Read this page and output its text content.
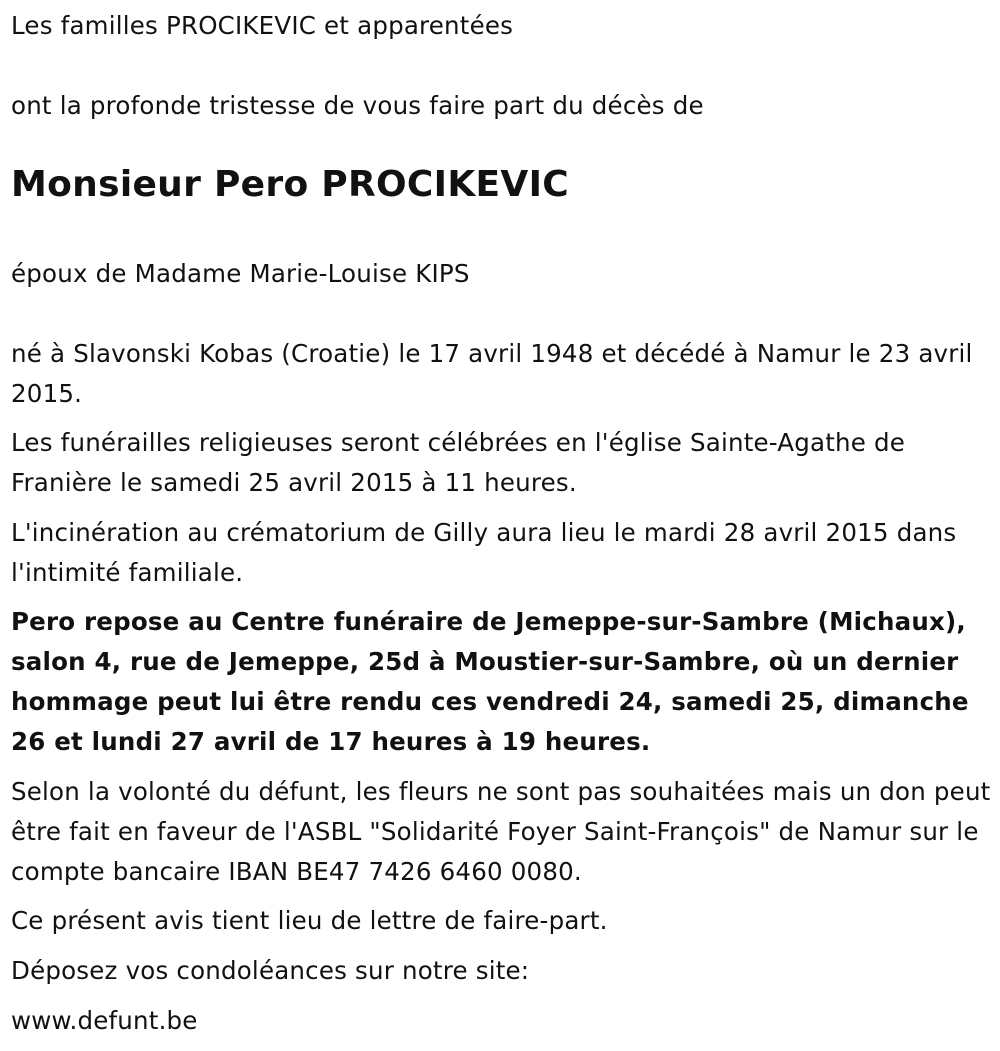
Les familles PROCIKEVIC et apparentées

ont la profonde tristesse de vous faire part du décès de

Monsieur Pero PROCIKEVIC

époux de Madame Marie-Louise KIPS

né à Slavonski Kobas (Croatie) le 17 avril 1948 et décédé à Namur le 23 avril 2015.

Les funérailles religieuses seront célébrées en l'église Sainte-Agathe de Franière le samedi 25 avril 2015 à 11 heures.

L'incinération au crématorium de Gilly aura lieu le mardi 28 avril 2015 dans l'intimité familiale.

Pero repose au Centre funéraire de Jemeppe-sur-Sambre (Michaux), salon 4, rue de Jemeppe, 25d à Moustier-sur-Sambre, où un dernier hommage peut lui être rendu ces vendredi 24, samedi 25, dimanche 26 et lundi 27 avril de 17 heures à 19 heures.

Selon la volonté du défunt, les fleurs ne sont pas souhaitées mais un don peut être fait en faveur de l'ASBL "Solidarité Foyer Saint-François" de Namur sur le compte bancaire IBAN BE47 7426 6460 0080.

Ce présent avis tient lieu de lettre de faire-part.

Déposez vos condoléances sur notre site:

www.defunt.be
